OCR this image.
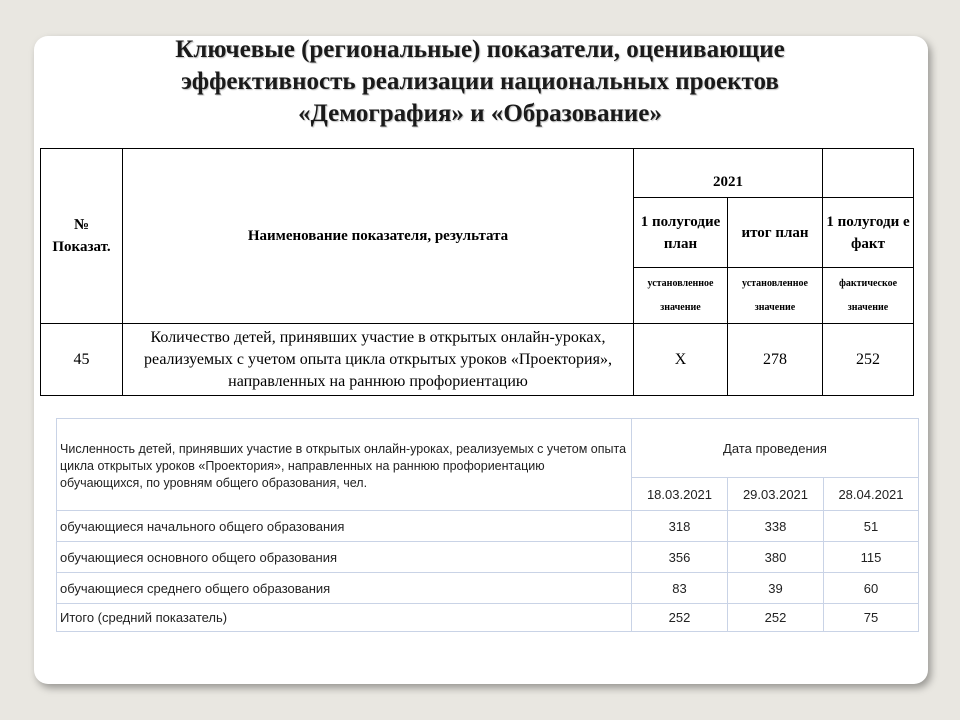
Ключевые (региональные) показатели, оценивающие
эффективность реализации национальных проектов
«Демография» и «Образование»
№ Показат.	Наименование показателя, результата	2021		
		1 полугодие план	итог план	1 полугоди е факт
		установленное значение	установленное значение	фактическое значение
45	Количество детей, принявших участие в открытых онлайн-уроках, реализуемых с учетом опыта цикла открытых уроков «Проектория», направленных на раннюю профориентацию	Х	278	252
Численность детей, принявших участие в открытых онлайн-уроках, реализуемых с учетом опыта цикла открытых уроков «Проектория», направленных на раннюю профориентацию обучающихся, по уровням общего образования, чел.	Дата проведения		
	18.03.2021	29.03.2021	28.04.2021
обучающиеся начального общего образования	318	338	51
обучающиеся основного общего образования	356	380	115
обучающиеся среднего общего образования	83	39	60
Итого (средний показатель)	252	252	75
